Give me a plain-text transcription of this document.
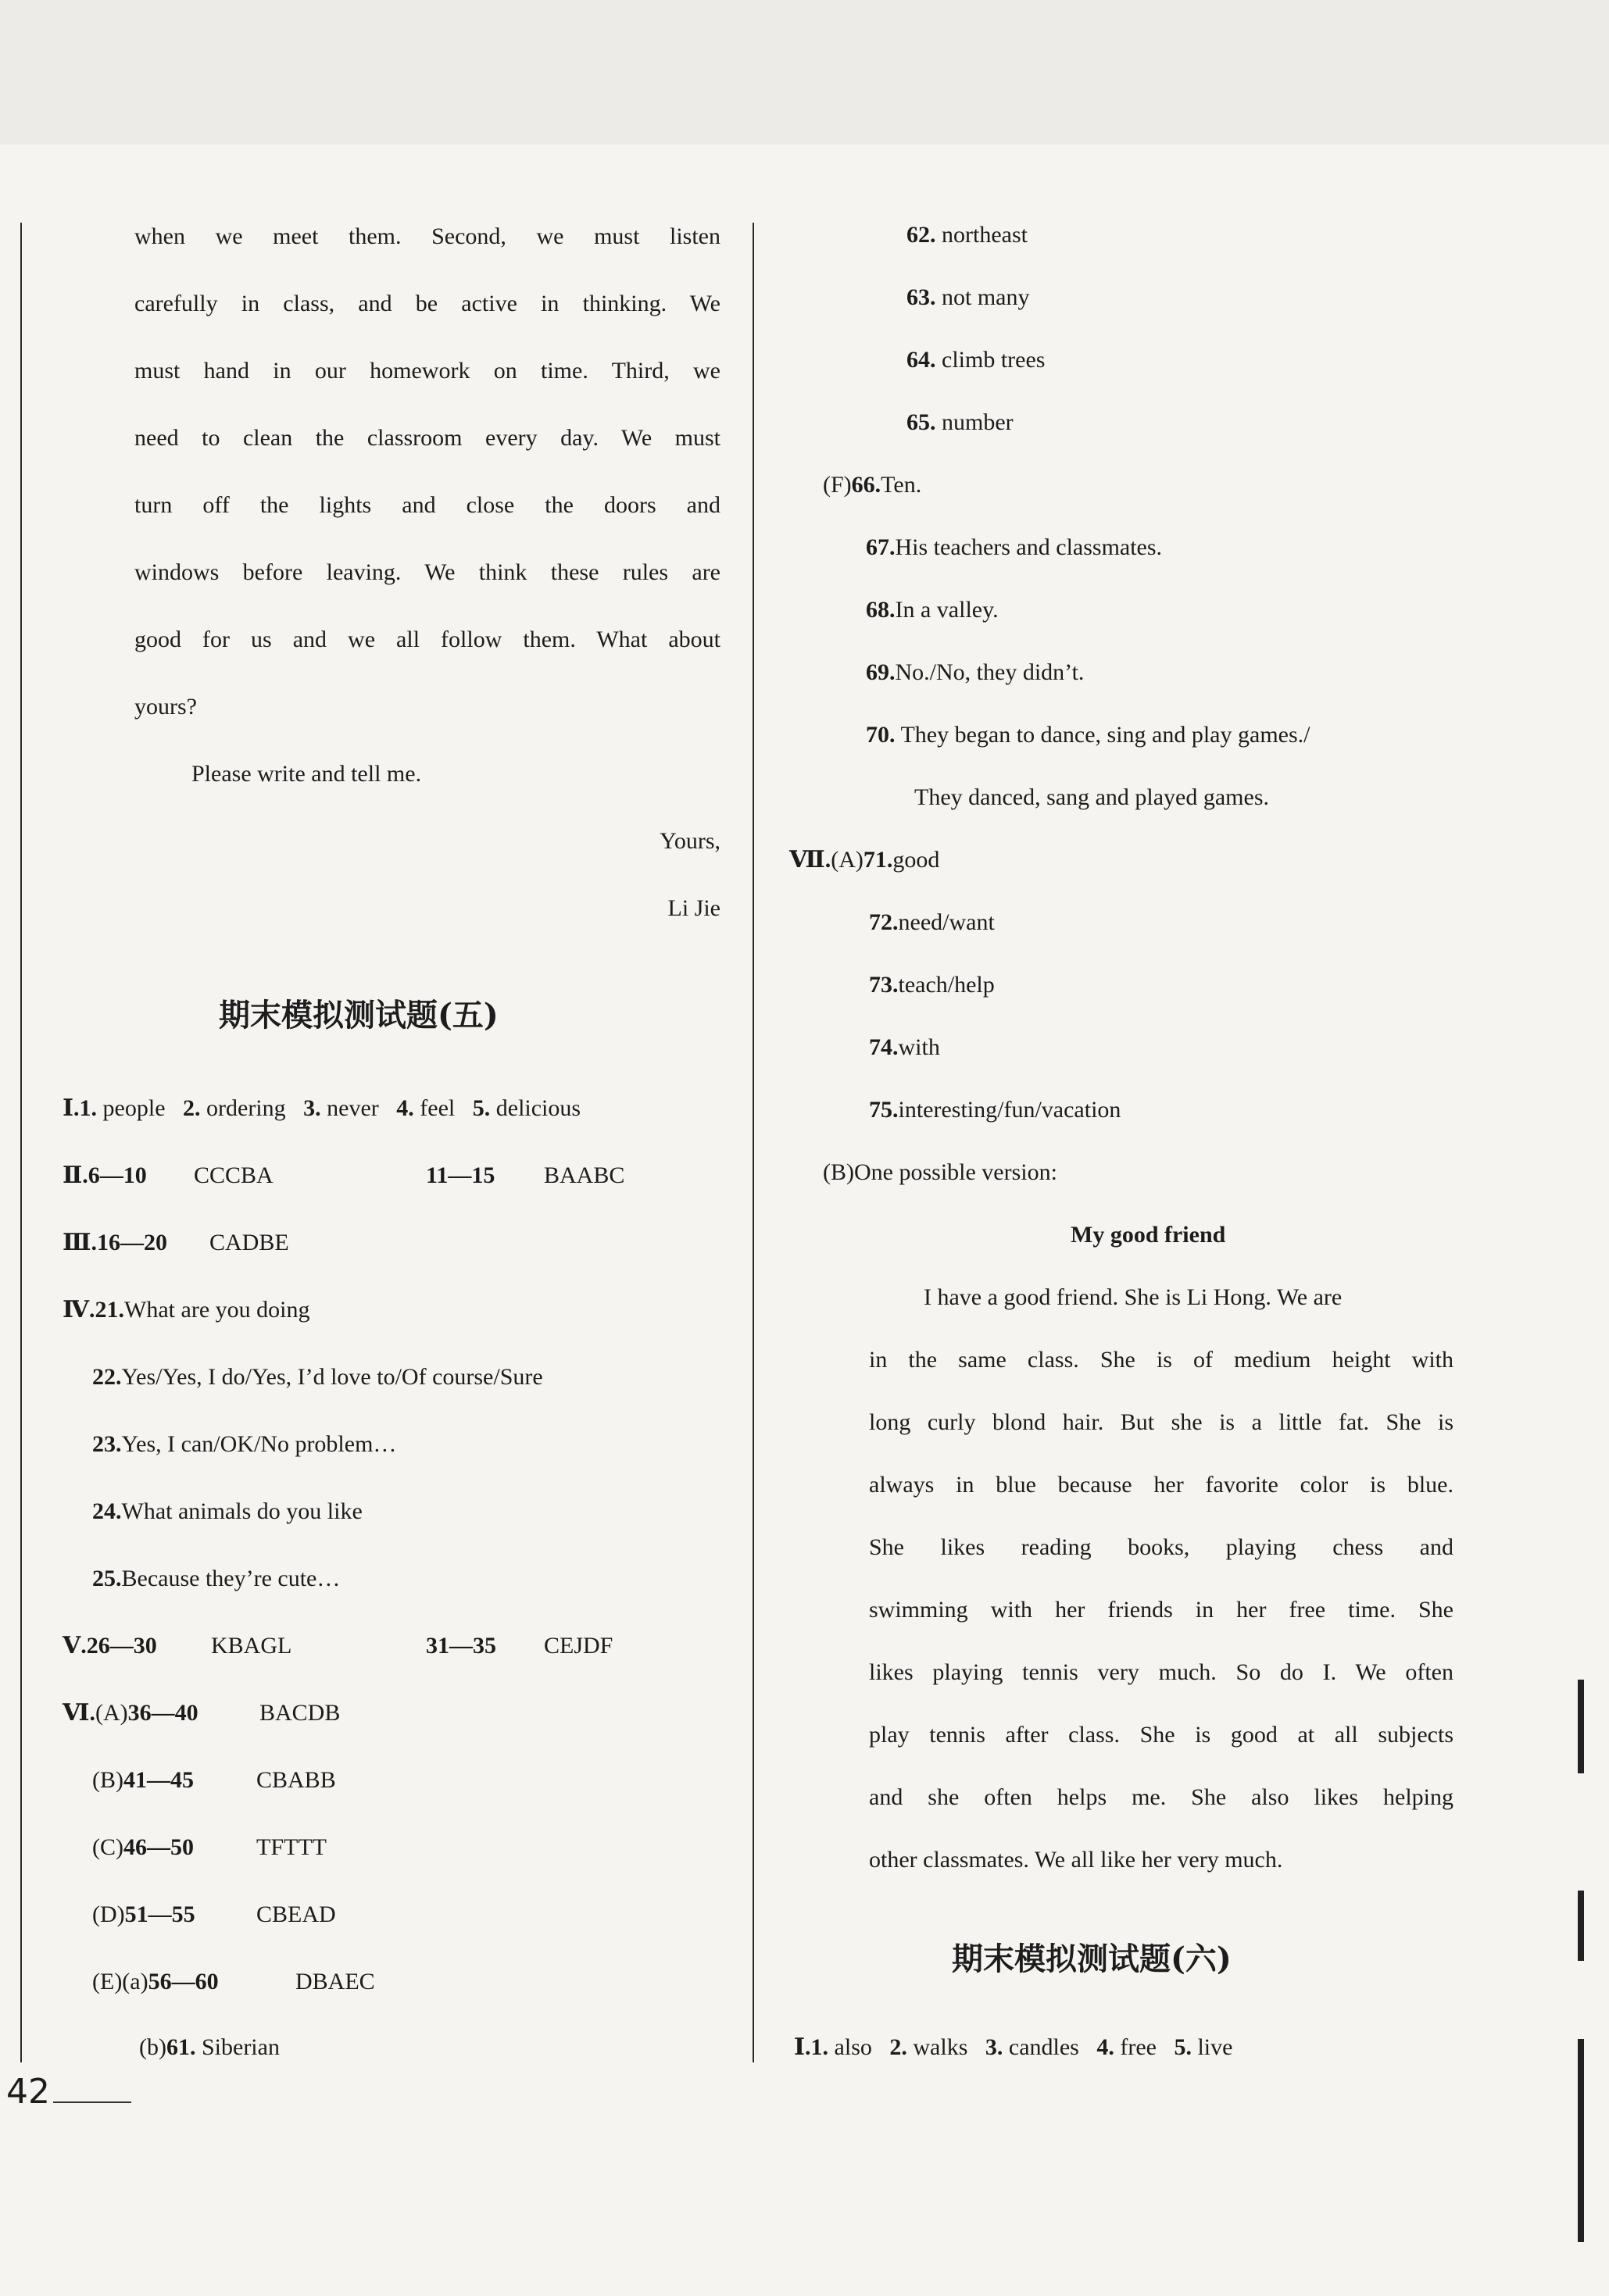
when we meet them. Second, we must listen
carefully in class, and be active in thinking. We
must hand in our homework on time. Third, we
need to clean the classroom every day. We must
turn off the lights and close the doors and
windows before leaving. We think these rules are
good for us and we all follow them. What about
yours?
Please write and tell me.
Yours,
Li Jie
期末模拟测试题(五)
Ⅰ.1. people 2. ordering 3. never 4. feel 5. delicious
Ⅱ.6—10 CCCBA	11—15 BAABC
Ⅲ.16—20 CADBE
Ⅳ.21.What are you doing
22.Yes/Yes, I do/Yes, I’d love to/Of course/Sure
23.Yes, I can/OK/No problem…
24.What animals do you like
25.Because they’re cute…
Ⅴ.26—30 KBAGL	31—35 CEJDF
Ⅵ.(A)36—40	BACDB
(B)41—45	CBABB
(C)46—50	TFTTT
(D)51—55	CBEAD
(E)(a)56—60	DBAEC
(b)61. Siberian
62. northeast
63. not many
64. climb trees
65. number
(F)66.Ten.
67.His teachers and classmates.
68.In a valley.
69.No./No, they didn’t.
70. They began to dance, sing and play games./
They danced, sang and played games.
Ⅶ.(A)71.good
72.need/want
73.teach/help
74.with
75.interesting/fun/vacation
(B)One possible version:
My good friend
I have a good friend. She is Li Hong. We are
in the same class. She is of medium height with
long curly blond hair. But she is a little fat. She is
always in blue because her favorite color is blue.
She likes reading books, playing chess and
swimming with her friends in her free time. She
likes playing tennis very much. So do I. We often
play tennis after class. She is good at all subjects
and she often helps me. She also likes helping
other classmates. We all like her very much.
期末模拟测试题(六)
Ⅰ.1. also 2. walks 3. candles 4. free 5. live
42
